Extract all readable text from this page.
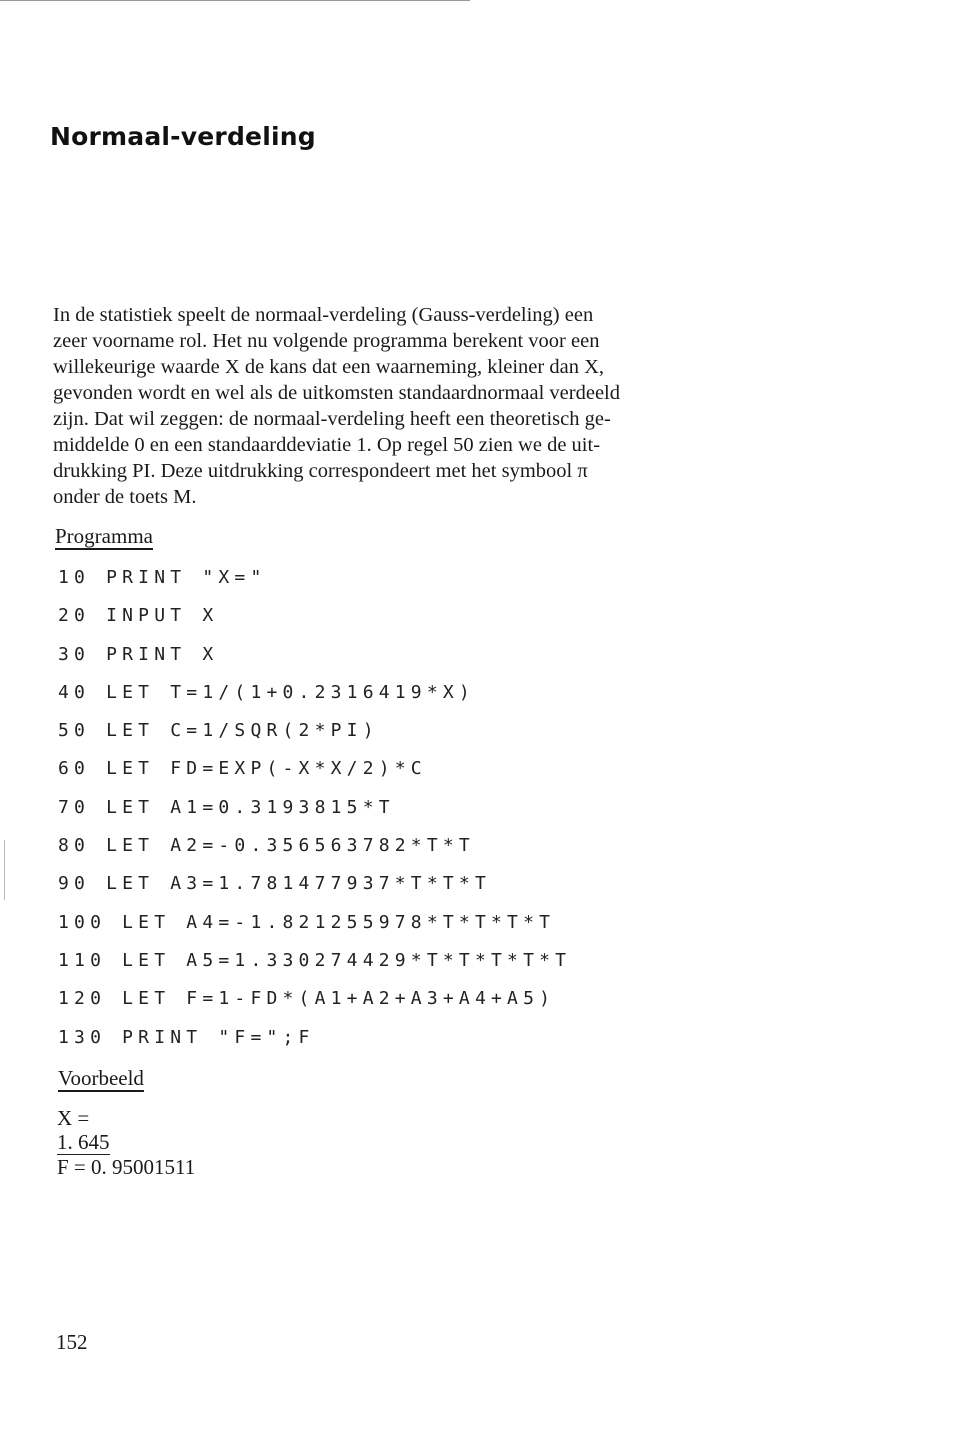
Normaal-verdeling

In de statistiek speelt de normaal-verdeling (Gauss-verdeling) een
zeer voorname rol. Het nu volgende programma berekent voor een
willekeurige waarde X de kans dat een waarneming, kleiner dan X,
gevonden wordt en wel als de uitkomsten standaardnormaal verdeeld
zijn. Dat wil zeggen: de normaal-verdeling heeft een theoretisch ge-
middelde 0 en een standaarddeviatie 1. Op regel 50 zien we de uit-
drukking PI. Deze uitdrukking correspondeert met het symbool π
onder de toets M.

Programma

10 PRINT "X="
20 INPUT X
30 PRINT X
40 LET T=1/(1+0.2316419*X)
50 LET C=1/SQR(2*PI)
60 LET FD=EXP(-X*X/2)*C
70 LET A1=0.3193815*T
80 LET A2=-0.356563782*T*T
90 LET A3=1.781477937*T*T*T
100 LET A4=-1.821255978*T*T*T*T
110 LET A5=1.330274429*T*T*T*T*T
120 LET F=1-FD*(A1+A2+A3+A4+A5)
130 PRINT "F=";F

Voorbeeld

X =
1. 645
F = 0. 95001511
152
